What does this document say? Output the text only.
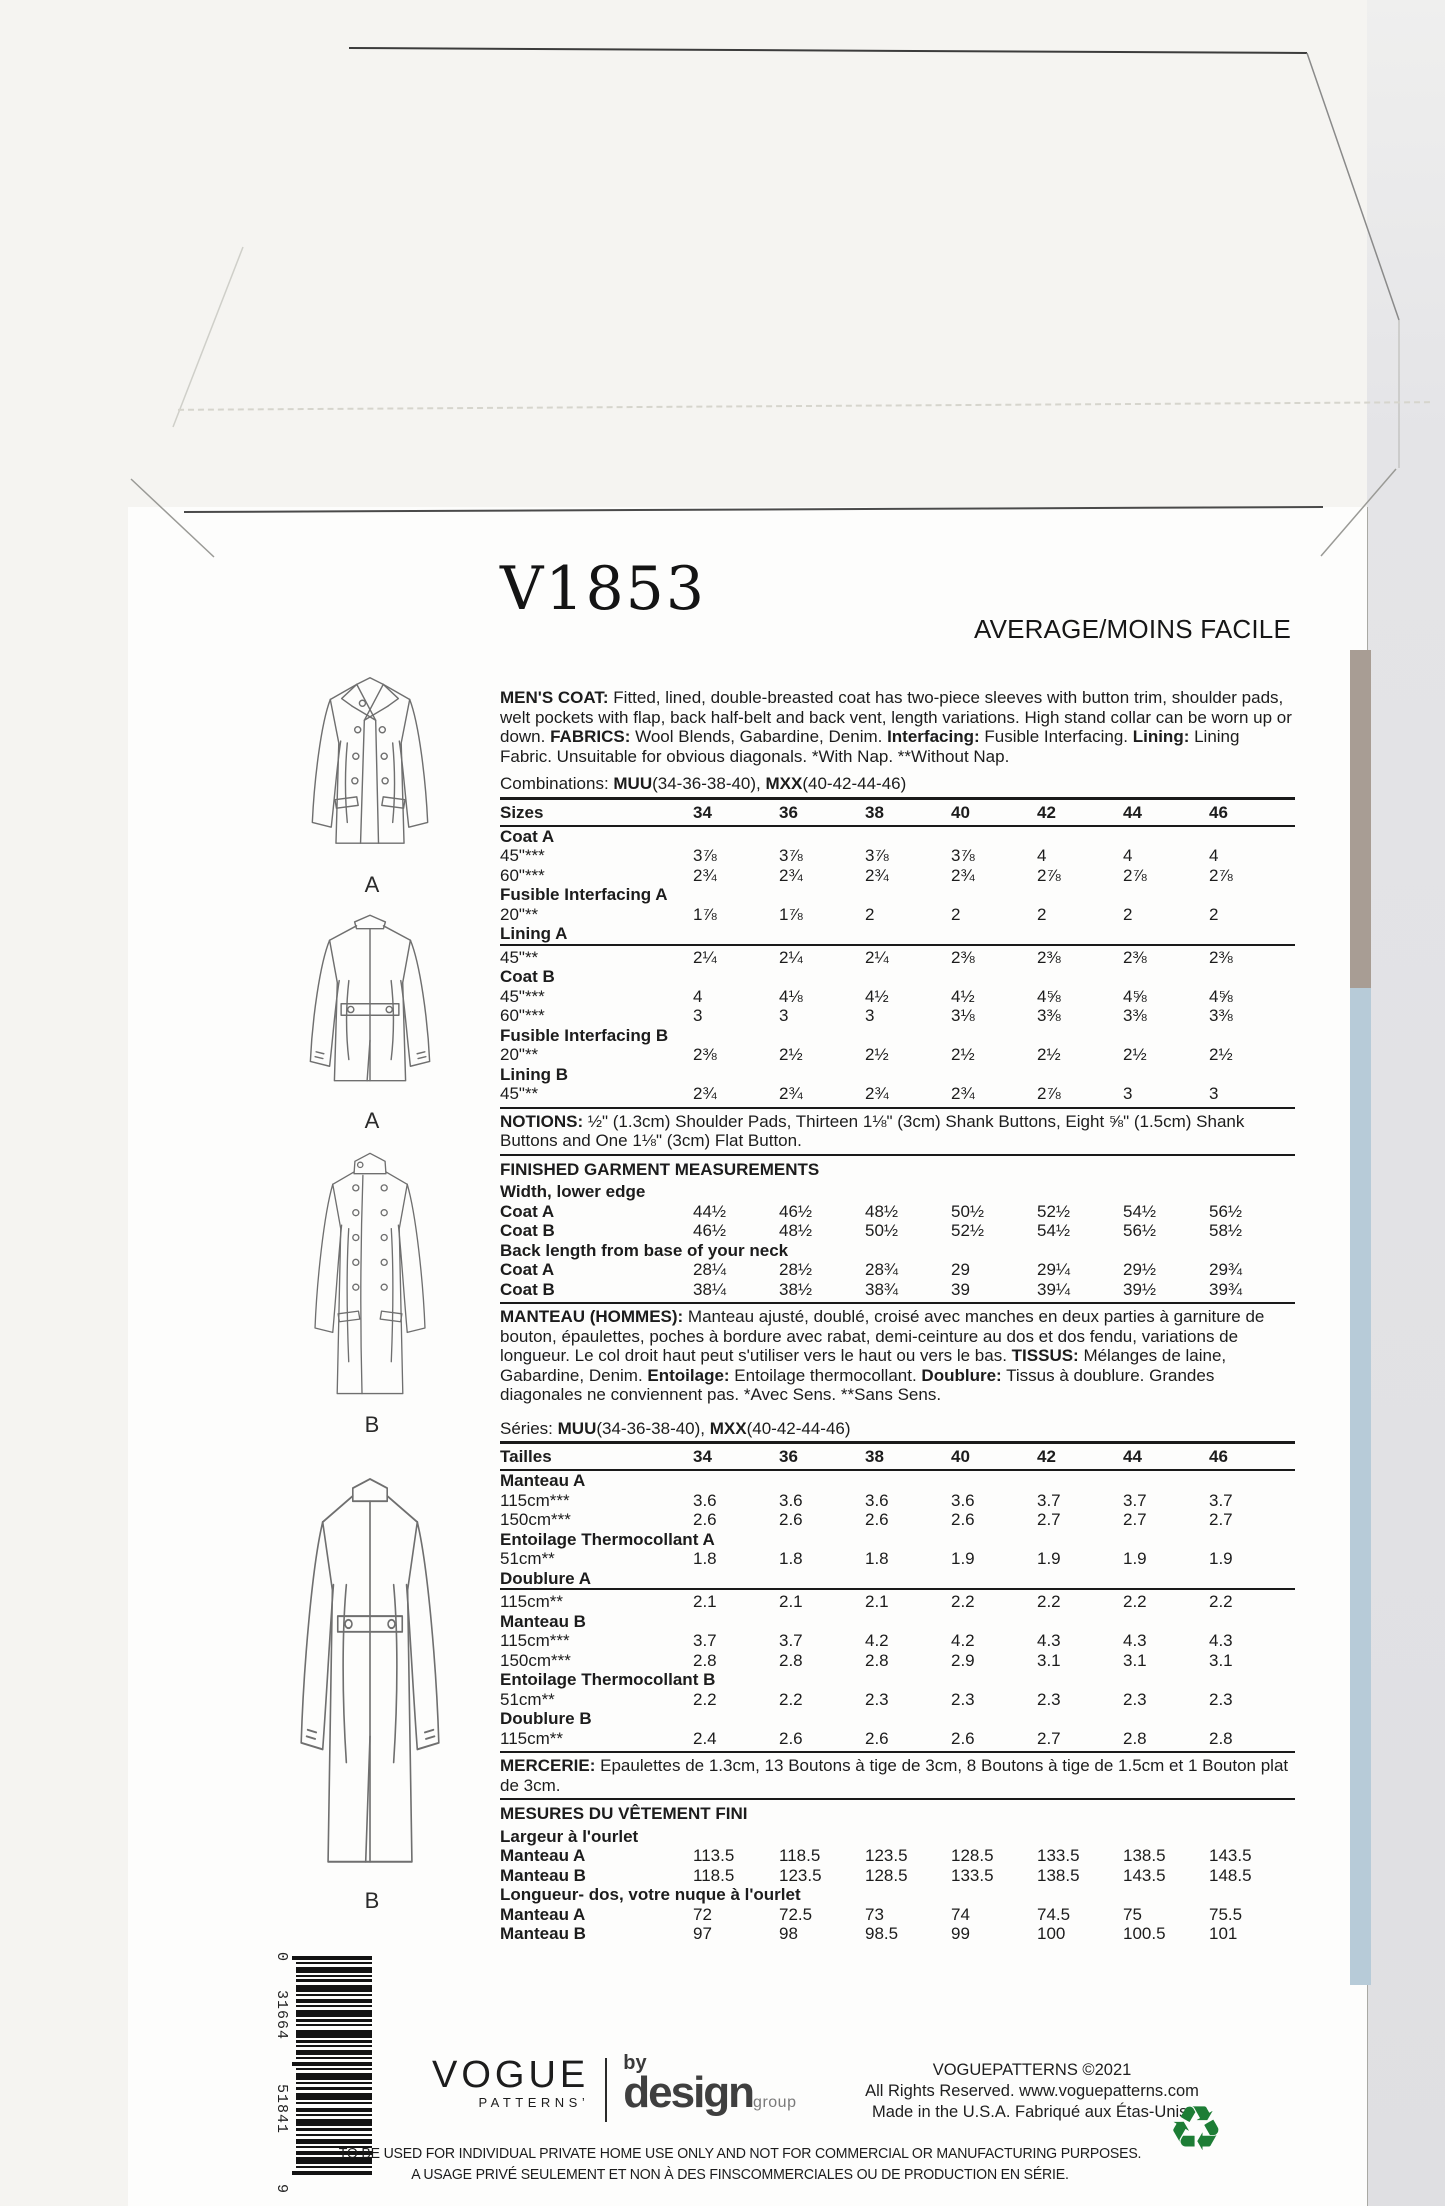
A
A
B
B
V1853
AVERAGE/MOINS FACILE

MEN'S COAT: Fitted, lined, double-breasted coat has two-piece sleeves with button trim, shoulder pads, welt pockets with flap, back half-belt and back vent, length variations. High stand collar can be worn up or down. FABRICS: Wool Blends, Gabardine, Denim. Interfacing: Fusible Interfacing. Lining: Lining Fabric. Unsuitable for obvious diagonals. *With Nap. **Without Nap.

Combinations: MUU(34-36-38-40), MXX(40-42-44-46)

Sizes	34	36	38	40	42	44	46
Coat A							
45"***	3⅞	3⅞	3⅞	3⅞	4	4	4
60"***	2¾	2¾	2¾	2¾	2⅞	2⅞	2⅞
Fusible Interfacing A							
20"**	1⅞	1⅞	2	2	2	2	2
Lining A							
45"**	2¼	2¼	2¼	2⅜	2⅜	2⅜	2⅜
Coat B							
45"***	4	4⅛	4½	4½	4⅝	4⅝	4⅝
60"***	3	3	3	3⅛	3⅜	3⅜	3⅜
Fusible Interfacing B							
20"**	2⅜	2½	2½	2½	2½	2½	2½
Lining B							
45"**	2¾	2¾	2¾	2¾	2⅞	3	3

NOTIONS: ½" (1.3cm) Shoulder Pads, Thirteen 1⅛" (3cm) Shank Buttons, Eight ⅝" (1.5cm) Shank Buttons and One 1⅛" (3cm) Flat Button.

FINISHED GARMENT MEASUREMENTS

Width, lower edge							
Coat A	44½	46½	48½	50½	52½	54½	56½
Coat B	46½	48½	50½	52½	54½	56½	58½
Back length from base of your neck							
Coat A	28¼	28½	28¾	29	29¼	29½	29¾
Coat B	38¼	38½	38¾	39	39¼	39½	39¾

MANTEAU (HOMMES): Manteau ajusté, doublé, croisé avec manches en deux parties à garniture de bouton, épaulettes, poches à bordure avec rabat, demi-ceinture au dos et dos fendu, variations de longueur. Le col droit haut peut s'utiliser vers le haut ou vers le bas. TISSUS: Mélanges de laine, Gabardine, Denim. Entoilage: Entoilage thermocollant. Doublure: Tissus à doublure. Grandes diagonales ne conviennent pas. *Avec Sens. **Sans Sens.

Séries: MUU(34-36-38-40), MXX(40-42-44-46)

Tailles	34	36	38	40	42	44	46
Manteau A							
115cm***	3.6	3.6	3.6	3.6	3.7	3.7	3.7
150cm***	2.6	2.6	2.6	2.6	2.7	2.7	2.7
Entoilage Thermocollant A							
51cm**	1.8	1.8	1.8	1.9	1.9	1.9	1.9
Doublure A							
115cm**	2.1	2.1	2.1	2.2	2.2	2.2	2.2
Manteau B							
115cm***	3.7	3.7	4.2	4.2	4.3	4.3	4.3
150cm***	2.8	2.8	2.8	2.9	3.1	3.1	3.1
Entoilage Thermocollant B							
51cm**	2.2	2.2	2.3	2.3	2.3	2.3	2.3
Doublure B							
115cm**	2.4	2.6	2.6	2.6	2.7	2.8	2.8

MERCERIE: Epaulettes de 1.3cm, 13 Boutons à tige de 3cm, 8 Boutons à tige de 1.5cm et 1 Bouton plat de 3cm.

MESURES DU VÊTEMENT FINI

Largeur à l'ourlet							
Manteau A	113.5	118.5	123.5	128.5	133.5	138.5	143.5
Manteau B	118.5	123.5	128.5	133.5	138.5	143.5	148.5
Longueur- dos, votre nuque à l'ourlet							
Manteau A	72	72.5	73	74	74.5	75	75.5
Manteau B	97	98	98.5	99	100	100.5	101
0
31664
51841
9
VOGUE
PATTERNS’
by
designgroup
VOGUEPATTERNS ©2021
All Rights Reserved. www.voguepatterns.com
Made in the U.S.A. Fabriqué aux Étas-Unis.
TO BE USED FOR INDIVIDUAL PRIVATE HOME USE ONLY AND NOT FOR COMMERCIAL OR MANUFACTURING PURPOSES.
A USAGE PRIVÉ SEULEMENT ET NON À DES FINSCOMMERCIALES OU DE PRODUCTION EN SÉRIE.
♻
